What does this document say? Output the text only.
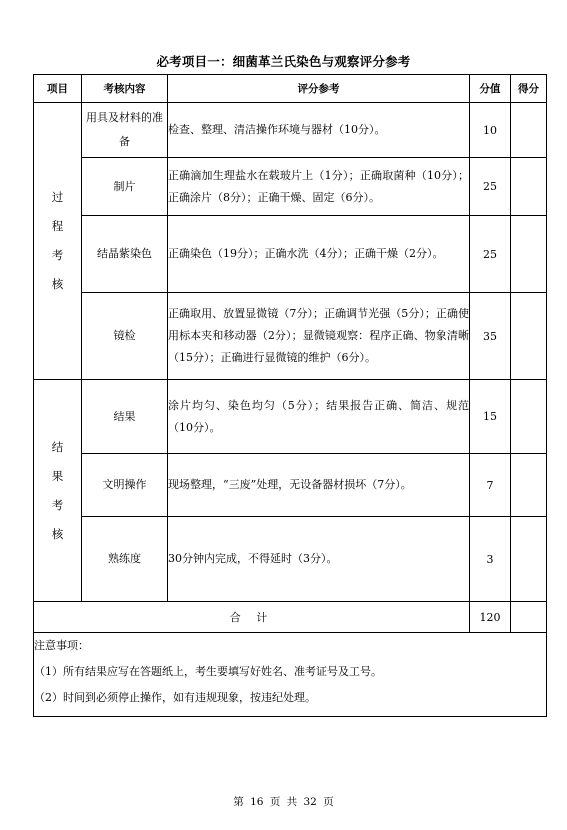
必考项目一：细菌革兰氏染色与观察评分参考
项目	考核内容	评分参考	分值	得分

过
程
考
核	用具及材料的准备	检查、整理、清洁操作环境与器材（10分）。	10	
	制片	正确滴加生理盐水在载玻片上（1分）；正确取菌种（10分）；正确涂片（8分）；正确干燥、固定（6分）。	25	
	结晶紫染色	正确染色（19分）；正确水洗（4分）；正确干燥（2分）。	25	
	镜检	正确取用、放置显微镜（7分）；正确调节光强（5分）；正确使用标本夹和移动器（2分）；显微镜观察：程序正确、物象清晰（15分）；正确进行显微镜的维护（6分）。	35	

结
果
考
核	结果	涂片均匀、染色均匀（5分）；结果报告正确、简洁、规范（10分）。	15	
	文明操作	现场整理，“三废”处理，无设备器材损坏（7分）。	7	
	熟练度	30分钟内完成，不得延时（3分）。	3	
合 计			120	

注意事项：
（1）所有结果应写在答题纸上，考生要填写好姓名、准考证号及工号。
（2）时间到必须停止操作，如有违规现象，按违纪处理。				
第 16 页 共 32 页
